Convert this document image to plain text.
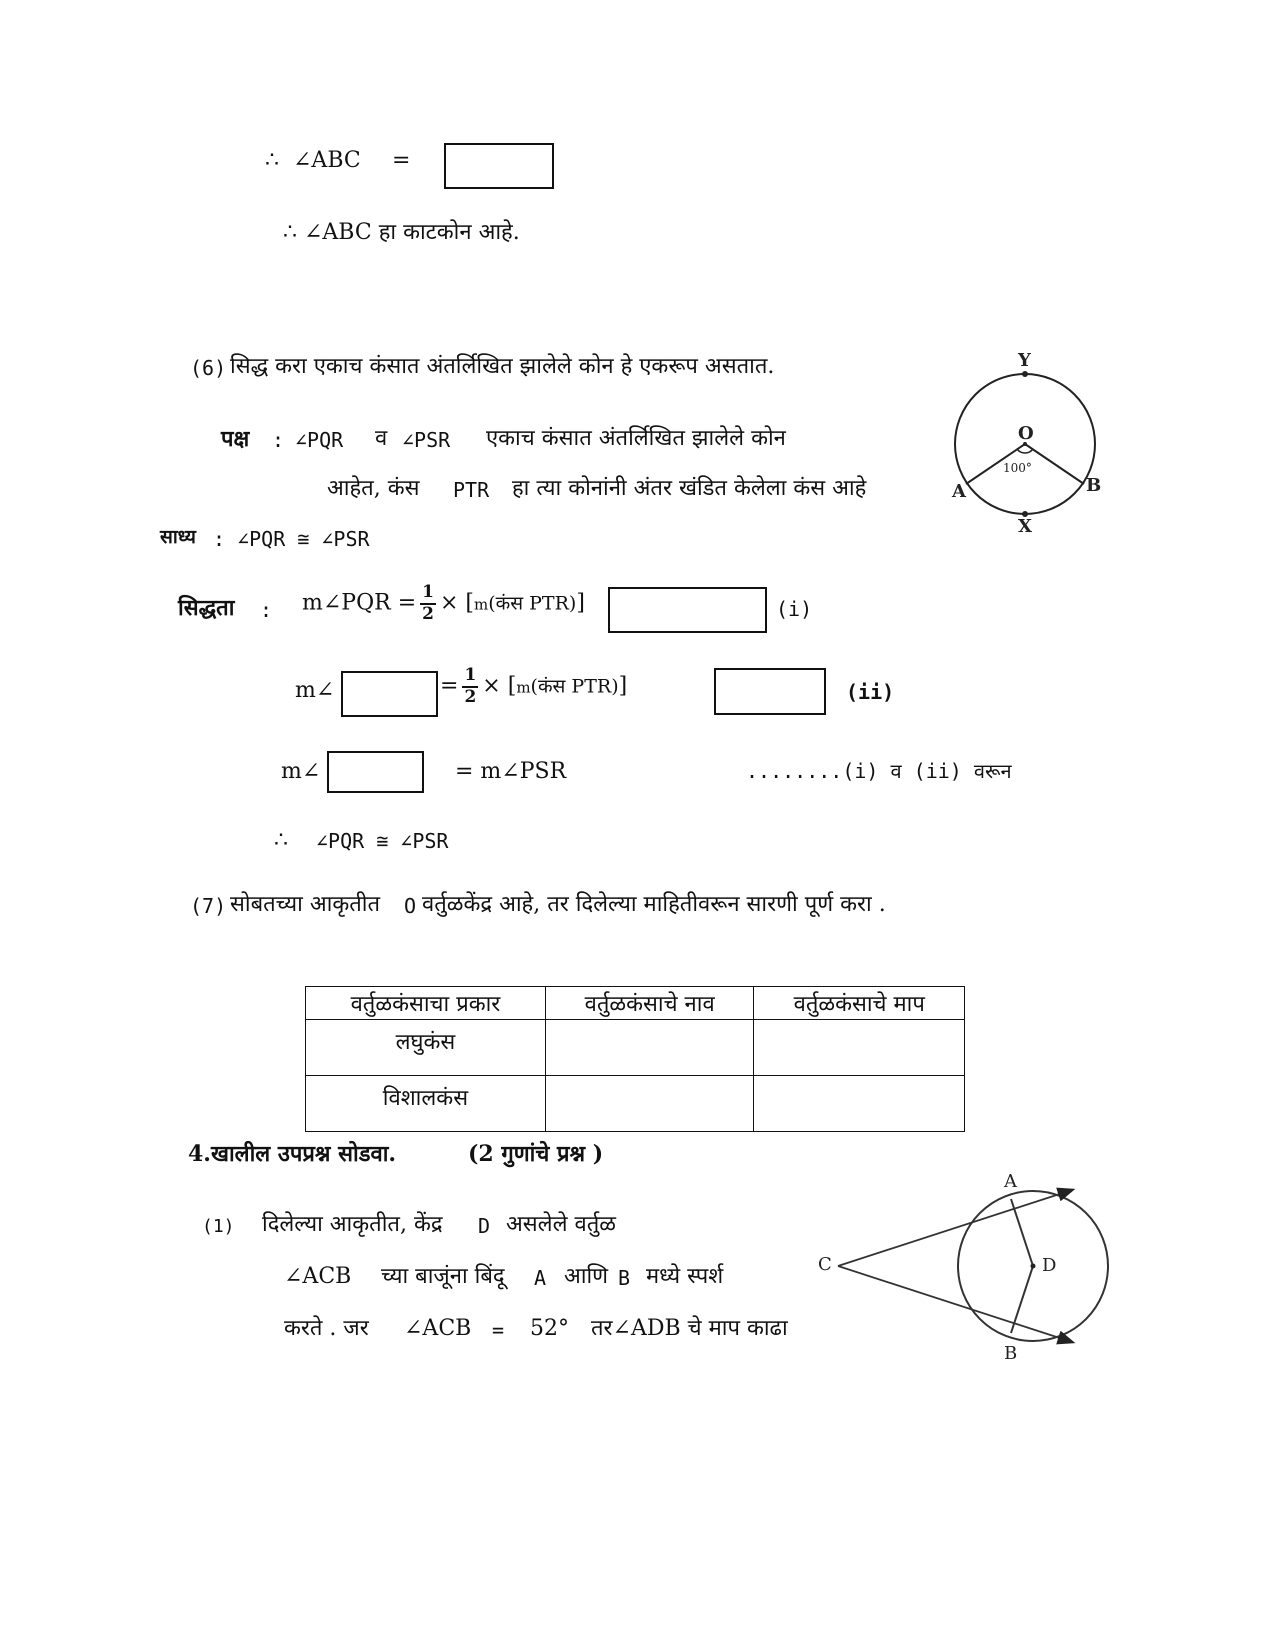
∴ ∠ABC =
∴ ∠ABC हा काटकोन आहे.
(6) सिद्ध करा एकाच कंसात अंतर्लिखित झालेले कोन हे एकरूप असतात.
पक्ष : ∠PQR व ∠PSR एकाच कंसात अंतर्लिखित झालेले कोन
आहेत, कंस PTR हा त्या कोनांनी अंतर खंडित केलेला कंस आहे
साध्य : ∠PQR ≅ ∠PSR
सिद्धता : m∠PQR = $\frac{1}{2}$ × [m(कंस PTR)]	(i)
m∠	= $\frac{1}{2}$ × [m(कंस PTR)]	(ii)
m∠	= m∠PSR	........(i) व (ii) वरून
∴ ∠PQR ≅ ∠PSR
Y
O
A	B
X
100°
(7) सोबतच्या आकृतीत O वर्तुळकेंद्र आहे, तर दिलेल्या माहितीवरून सारणी पूर्ण करा .
वर्तुळकंसाचा प्रकार	वर्तुळकंसाचे नाव	वर्तुळकंसाचे माप
लघुकंस		
विशालकंस		
4.खालील उपप्रश्न सोडवा.	(2 गुणांचे प्रश्न )
(1) दिलेल्या आकृतीत, केंद्र D असलेले वर्तुळ
∠ACB च्या बाजूंना बिंदू A आणि B मध्ये स्पर्श
करते . जर ∠ACB = 52° तर∠ADB चे माप काढा
A
B
C	D
